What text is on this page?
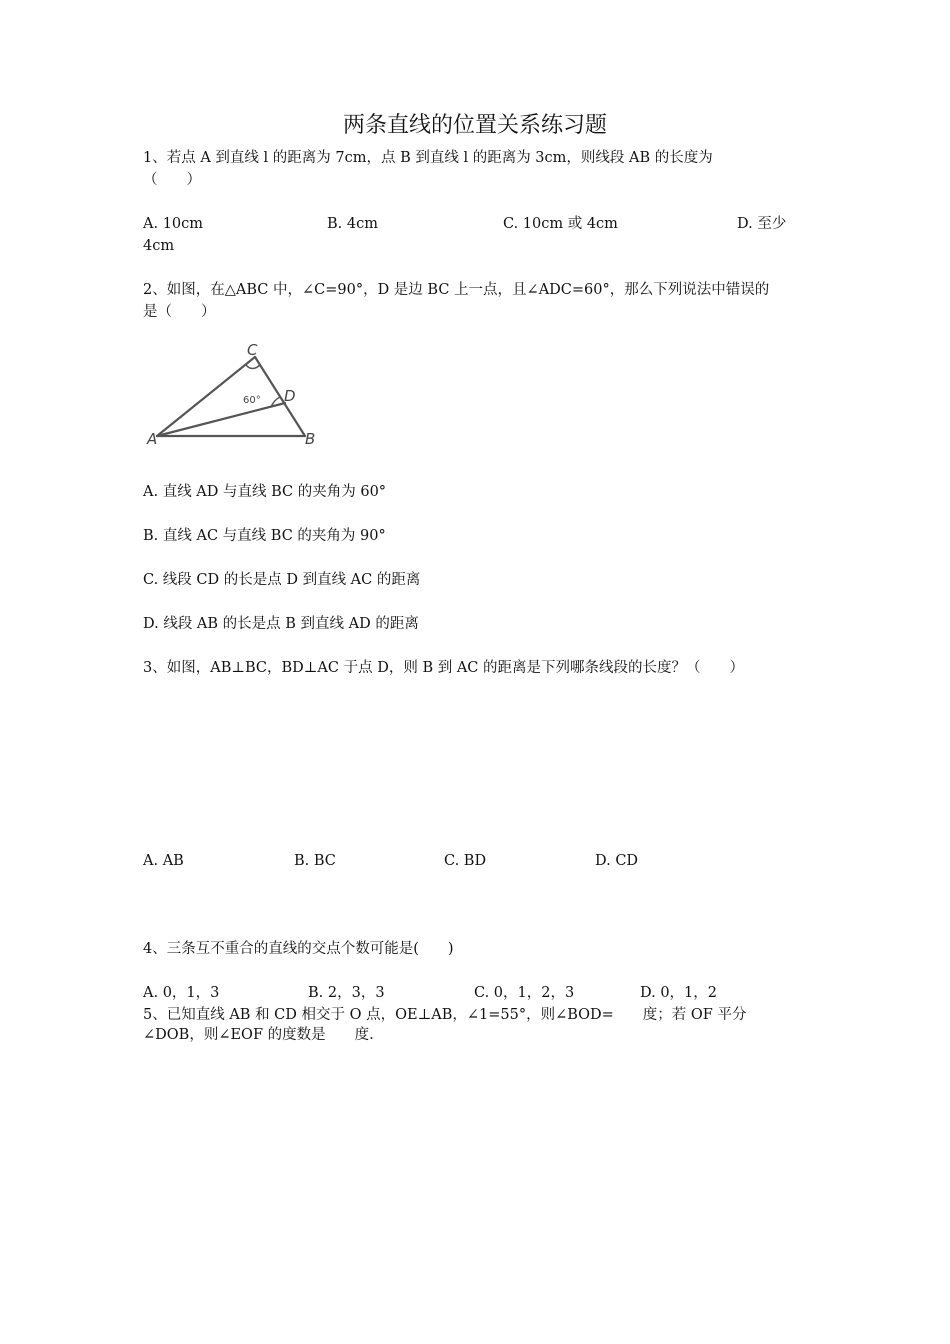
两条直线的位置关系练习题
1、若点 A 到直线 l 的距离为 7cm，点 B 到直线 l 的距离为 3cm，则线段 AB 的长度为
（　　）
A. 10cm	B. 4cm	C. 10cm 或 4cm	D. 至少
4cm
2、如图，在△ABC 中，∠C=90°，D 是边 BC 上一点，且∠ADC=60°，那么下列说法中错误的
是（　　）
A	B
C
D
60°
A. 直线 AD 与直线 BC 的夹角为 60°
B. 直线 AC 与直线 BC 的夹角为 90°
C. 线段 CD 的长是点 D 到直线 AC 的距离
D. 线段 AB 的长是点 B 到直线 AD 的距离
3、如图，AB⊥BC，BD⊥AC 于点 D，则 B 到 AC 的距离是下列哪条线段的长度？（　　）
A. AB	B. BC	C. BD	D. CD
4、三条互不重合的直线的交点个数可能是(　　)
A. 0，1，3	B. 2，3，3	C. 0，1，2，3	D. 0，1，2
5、已知直线 AB 和 CD 相交于 O 点，OE⊥AB，∠1=55°，则∠BOD=　　度；若 OF 平分
∠DOB，则∠EOF 的度数是　　度.
